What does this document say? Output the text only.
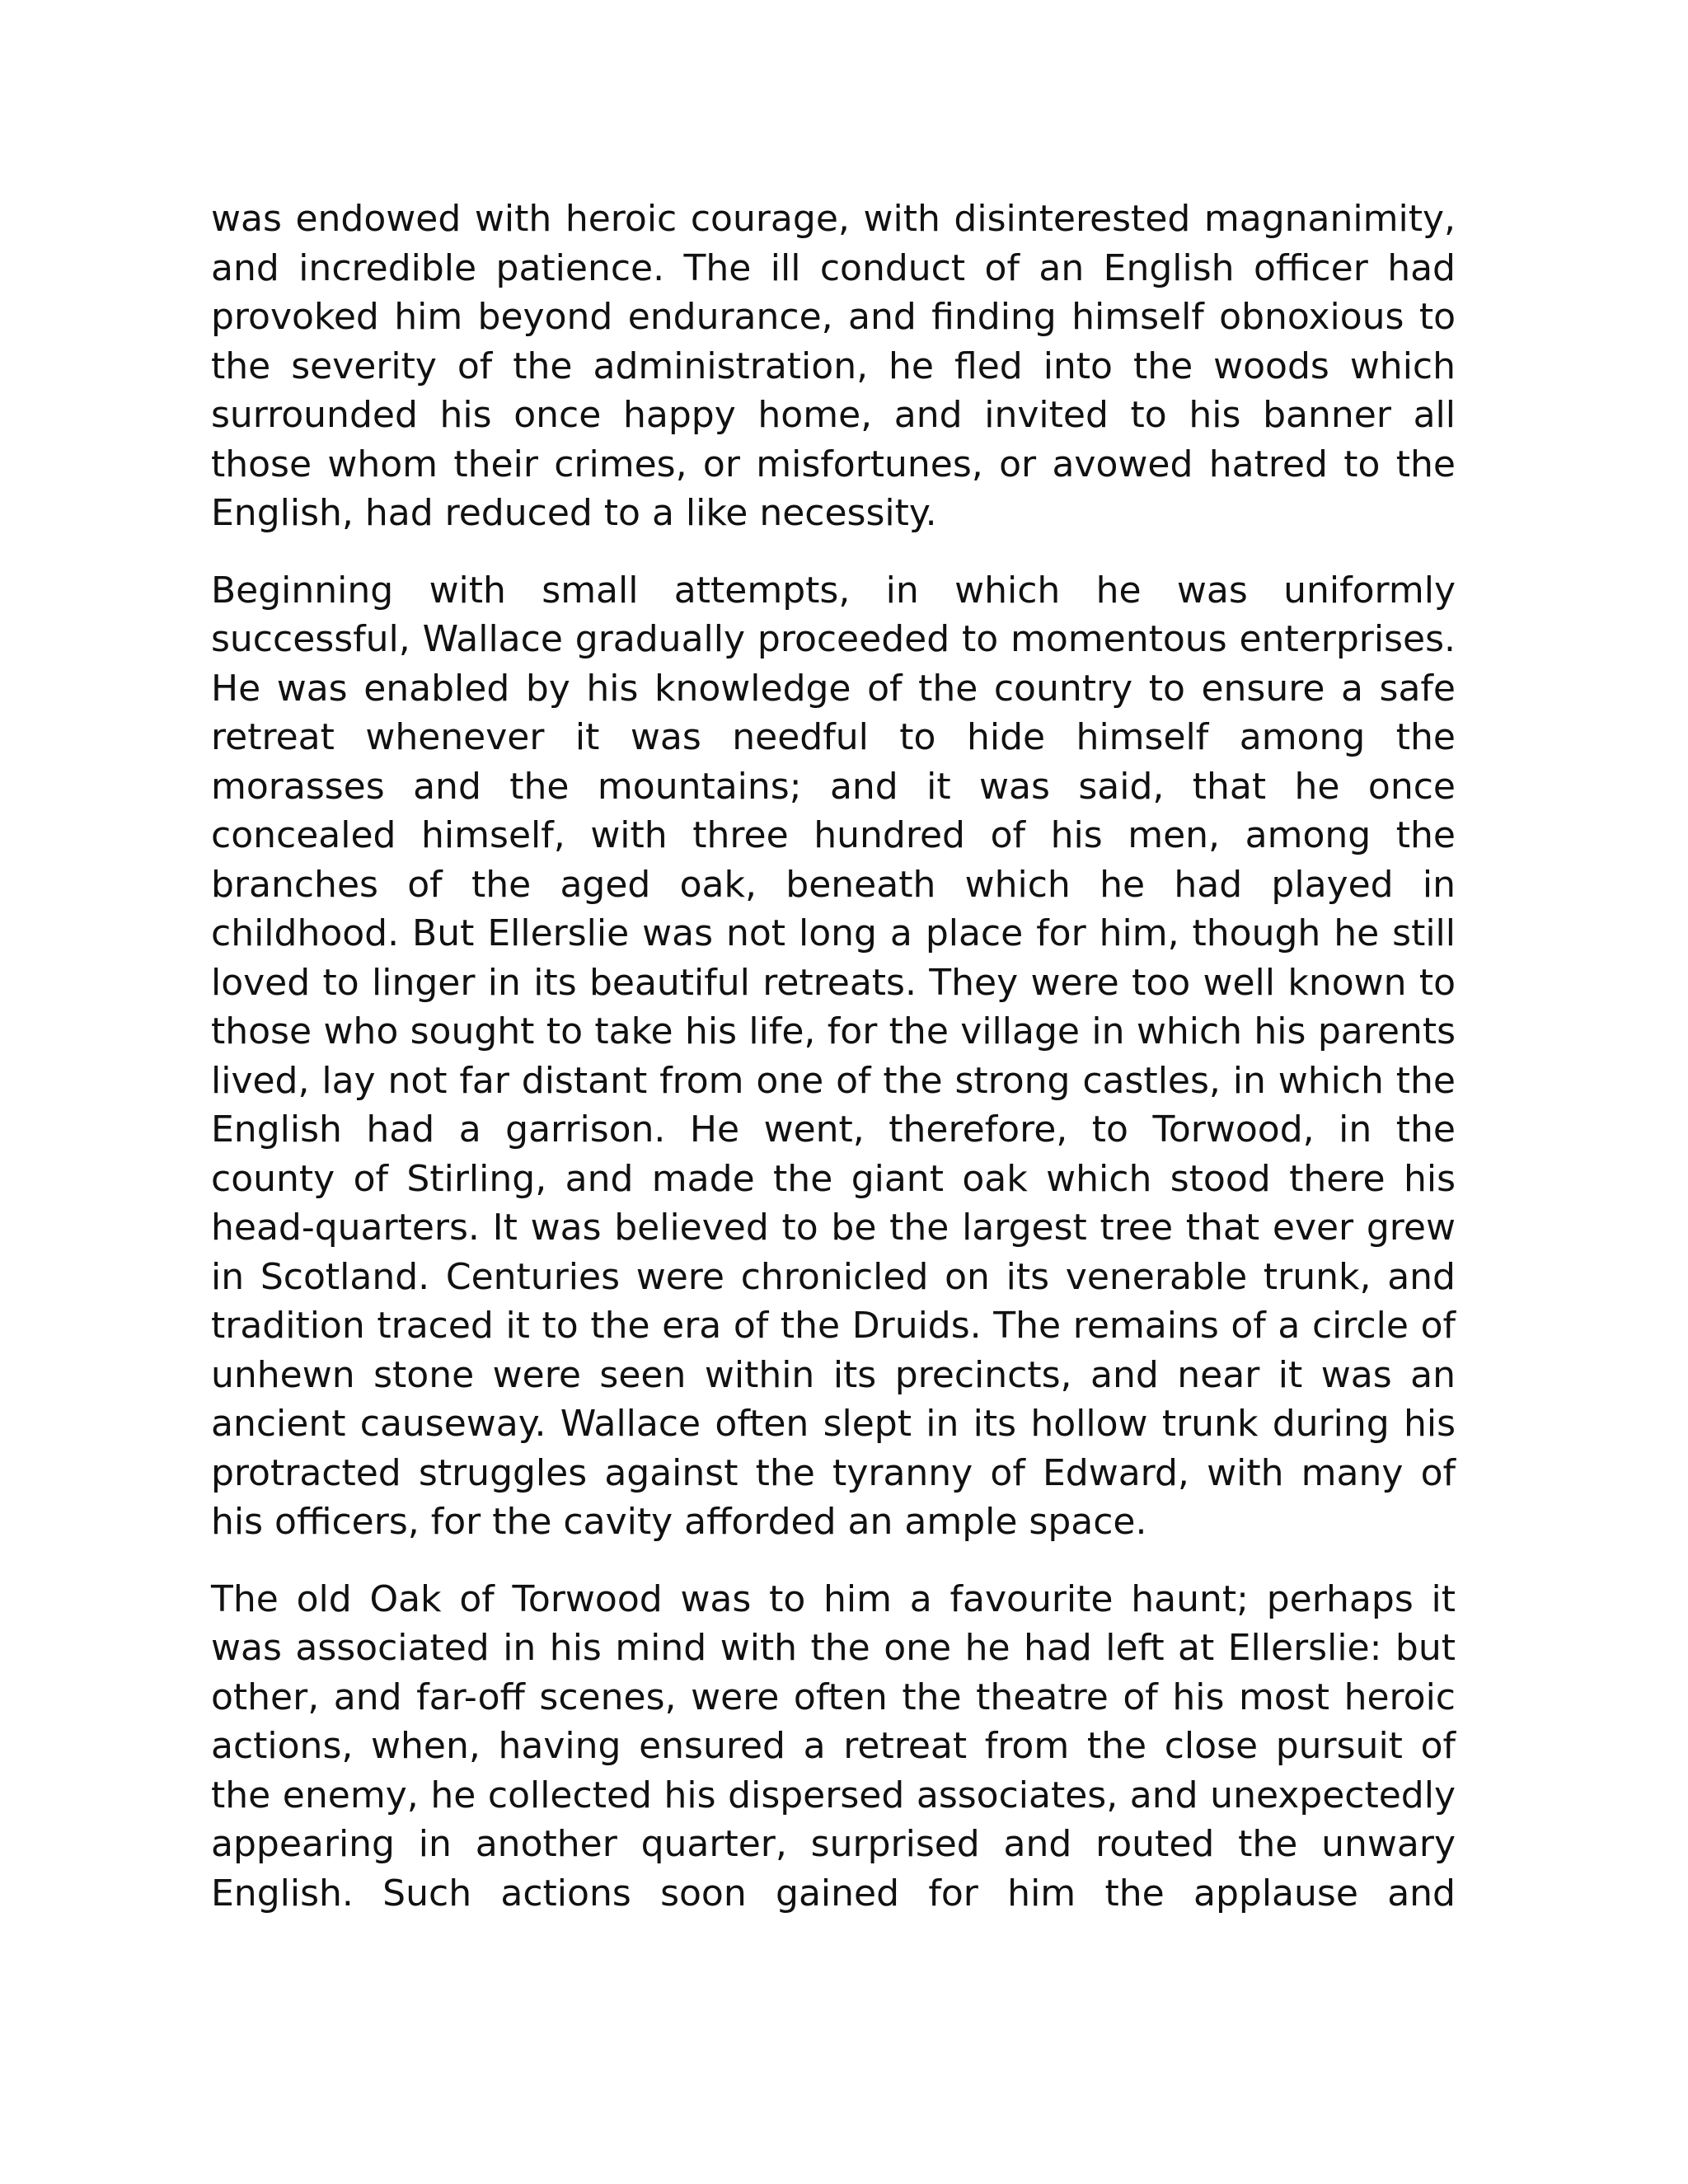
was endowed with heroic courage, with disinterested magnanimity, and incredible patience. The ill conduct of an English officer had provoked him beyond endurance, and finding himself obnoxious to the severity of the administration, he fled into the woods which surrounded his once happy home, and invited to his banner all those whom their crimes, or misfortunes, or avowed hatred to the English, had reduced to a like necessity.

Beginning with small attempts, in which he was uniformly successful, Wallace gradually proceeded to momentous enterprises. He was enabled by his knowledge of the country to ensure a safe retreat whenever it was needful to hide himself among the morasses and the mountains; and it was said, that he once concealed himself, with three hundred of his men, among the branches of the aged oak, beneath which he had played in childhood. But Ellerslie was not long a place for him, though he still loved to linger in its beautiful retreats. They were too well known to those who sought to take his life, for the village in which his parents lived, lay not far distant from one of the strong castles, in which the English had a garrison. He went, therefore, to Torwood, in the county of Stirling, and made the giant oak which stood there his head-quarters. It was believed to be the largest tree that ever grew in Scotland. Centuries were chronicled on its venerable trunk, and tradition traced it to the era of the Druids. The remains of a circle of unhewn stone were seen within its precincts, and near it was an ancient causeway. Wallace often slept in its hollow trunk during his protracted struggles against the tyranny of Edward, with many of his officers, for the cavity afforded an ample space.

The old Oak of Torwood was to him a favourite haunt; perhaps it was associated in his mind with the one he had left at Ellerslie: but other, and far-off scenes, were often the theatre of his most heroic actions, when, having ensured a retreat from the close pursuit of the enemy, he collected his dispersed associates, and unexpectedly appearing in another quarter, surprised and routed the unwary English. Such actions soon gained for him the applause and
